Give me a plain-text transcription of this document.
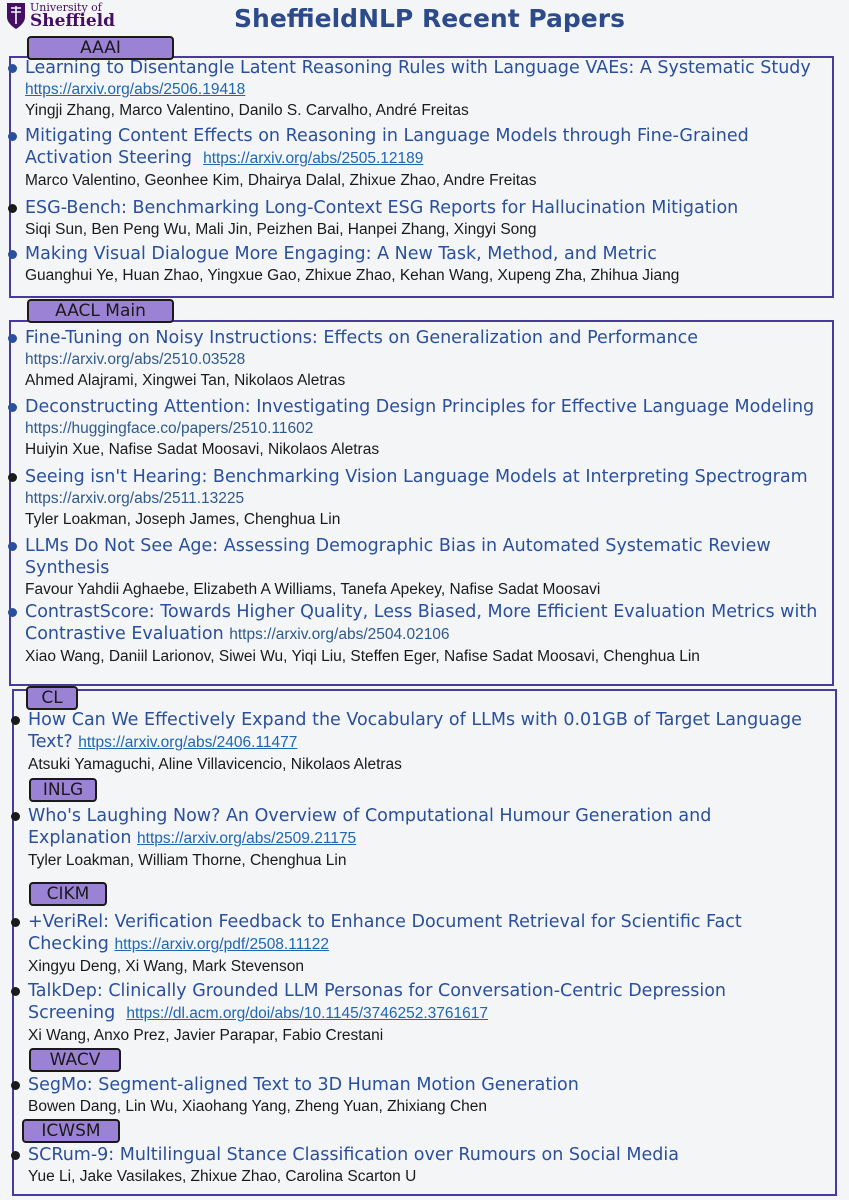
University of
Sheffield	SheffieldNLP Recent Papers
AAAI
AACL Main
CL
INLG
CIKM
WACV
ICWSM
Learning to Disentangle Latent Reasoning Rules with Language VAEs: A Systematic Study
https://arxiv.org/abs/2506.19418
Yingji Zhang, Marco Valentino, Danilo S. Carvalho, André Freitas
Mitigating Content Effects on Reasoning in Language Models through Fine-Grained
Activation Steering https://arxiv.org/abs/2505.12189
Marco Valentino, Geonhee Kim, Dhairya Dalal, Zhixue Zhao, Andre Freitas
ESG-Bench: Benchmarking Long-Context ESG Reports for Hallucination Mitigation
Siqi Sun, Ben Peng Wu, Mali Jin, Peizhen Bai, Hanpei Zhang, Xingyi Song
Making Visual Dialogue More Engaging: A New Task, Method, and Metric
Guanghui Ye, Huan Zhao, Yingxue Gao, Zhixue Zhao, Kehan Wang, Xupeng Zha, Zhihua Jiang
Fine-Tuning on Noisy Instructions: Effects on Generalization and Performance
https://arxiv.org/abs/2510.03528
Ahmed Alajrami, Xingwei Tan, Nikolaos Aletras
Deconstructing Attention: Investigating Design Principles for Effective Language Modeling
https://huggingface.co/papers/2510.11602
Huiyin Xue, Nafise Sadat Moosavi, Nikolaos Aletras
Seeing isn't Hearing: Benchmarking Vision Language Models at Interpreting Spectrogram
https://arxiv.org/abs/2511.13225
Tyler Loakman, Joseph James, Chenghua Lin
LLMs Do Not See Age: Assessing Demographic Bias in Automated Systematic Review
Synthesis
Favour Yahdii Aghaebe, Elizabeth A Williams, Tanefa Apekey, Nafise Sadat Moosavi
ContrastScore: Towards Higher Quality, Less Biased, More Efficient Evaluation Metrics with
Contrastive Evaluation https://arxiv.org/abs/2504.02106
Xiao Wang, Daniil Larionov, Siwei Wu, Yiqi Liu, Steffen Eger, Nafise Sadat Moosavi, Chenghua Lin
How Can We Effectively Expand the Vocabulary of LLMs with 0.01GB of Target Language
Text? https://arxiv.org/abs/2406.11477
Atsuki Yamaguchi, Aline Villavicencio, Nikolaos Aletras
Who's Laughing Now? An Overview of Computational Humour Generation and
Explanation https://arxiv.org/abs/2509.21175
Tyler Loakman, William Thorne, Chenghua Lin
+VeriRel: Verification Feedback to Enhance Document Retrieval for Scientific Fact
Checking https://arxiv.org/pdf/2508.11122
Xingyu Deng, Xi Wang, Mark Stevenson
TalkDep: Clinically Grounded LLM Personas for Conversation-Centric Depression
Screening https://dl.acm.org/doi/abs/10.1145/3746252.3761617
Xi Wang, Anxo Prez, Javier Parapar, Fabio Crestani
SegMo: Segment-aligned Text to 3D Human Motion Generation
Bowen Dang, Lin Wu, Xiaohang Yang, Zheng Yuan, Zhixiang Chen
SCRum-9: Multilingual Stance Classification over Rumours on Social Media
Yue Li, Jake Vasilakes, Zhixue Zhao, Carolina Scarton U
